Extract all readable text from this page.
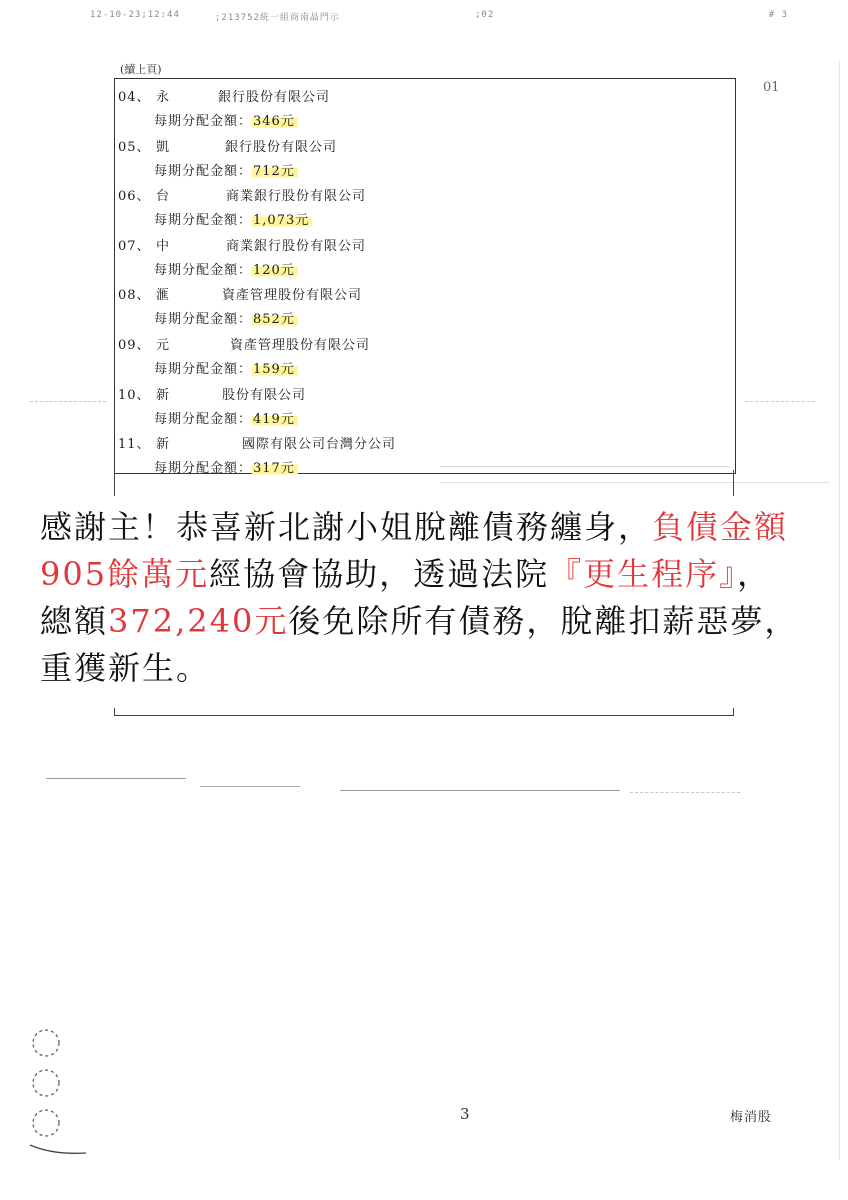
12-10-23;12:44	;213752統一組商南晶門示	;02	# 3
(續上頁)
01
04、 永	銀行股份有限公司
每期分配金額：346元
05、 凱	銀行股份有限公司
每期分配金額：712元
06、 台	商業銀行股份有限公司
每期分配金額：1,073元
07、 中	商業銀行股份有限公司
每期分配金額：120元
08、 滙	資產管理股份有限公司
每期分配金額：852元
09、 元	資產管理股份有限公司
每期分配金額：159元
10、 新	股份有限公司
每期分配金額：419元
11、 新	國際有限公司台灣分公司
每期分配金額：317元
感謝主！恭喜新北謝小姐脫離債務纏身，負債金額905餘萬元經協會協助，透過法院『更生程序』，總額372,240元後免除所有債務，脫離扣薪惡夢，重獲新生。
3	梅消股
